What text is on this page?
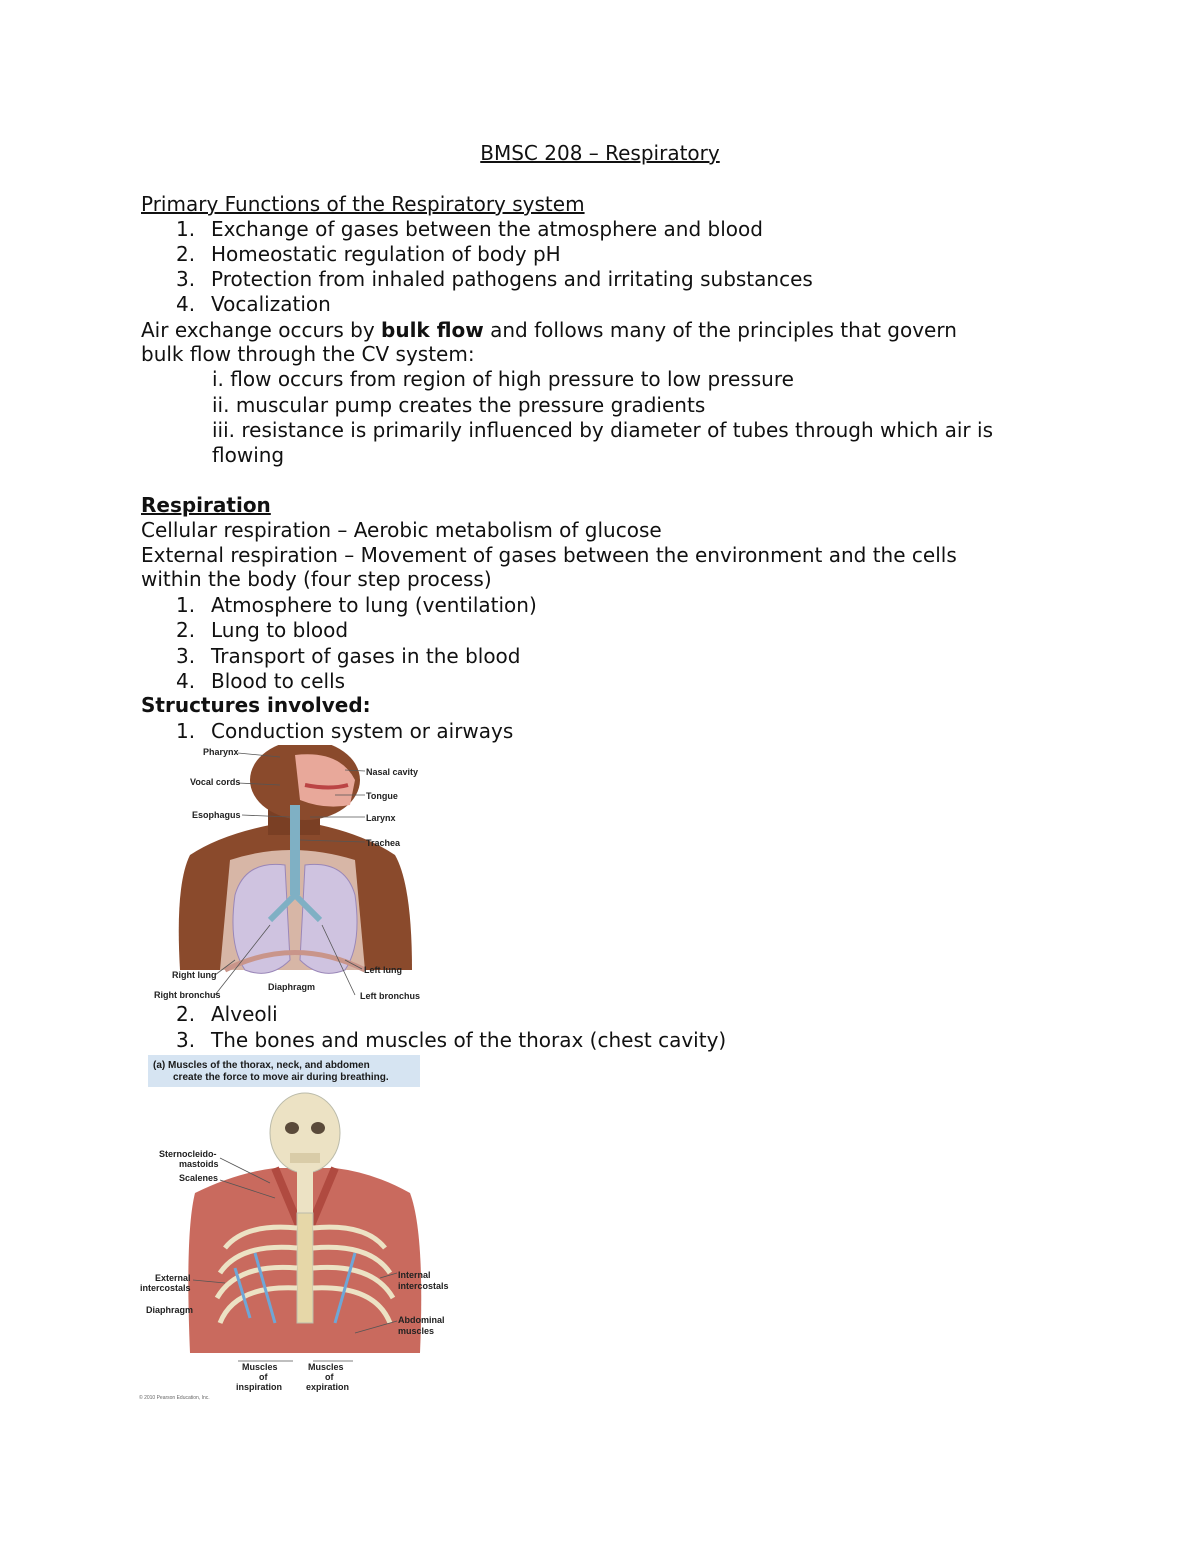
BMSC 208 – Respiratory
Primary Functions of the Respiratory system
1. Exchange of gases between the atmosphere and blood
2. Homeostatic regulation of body pH
3. Protection from inhaled pathogens and irritating substances
4. Vocalization
Air exchange occurs by bulk flow and follows many of the principles that govern
bulk flow through the CV system:
i. flow occurs from region of high pressure to low pressure
ii. muscular pump creates the pressure gradients
iii. resistance is primarily influenced by diameter of tubes through which air is
flowing
Respiration
Cellular respiration – Aerobic metabolism of glucose
External respiration – Movement of gases between the environment and the cells
within the body (four step process)
1. Atmosphere to lung (ventilation)
2. Lung to blood
3. Transport of gases in the blood
4. Blood to cells
Structures involved:
1. Conduction system or airways
Pharynx
Vocal cords
Esophagus
Nasal cavity
Tongue
Larynx
Trachea
Right lung
Right bronchus
Diaphragm
Left lung
Left bronchus
2. Alveoli
3. The bones and muscles of the thorax (chest cavity)
(a) Muscles of the thorax, neck, and abdomen
create the force to move air during breathing.
Sternocleido-
mastoids
Scalenes
External
intercostals
Diaphragm
Internal
intercostals
Abdominal
muscles
Muscles
of
inspiration
Muscles
of
expiration
© 2010 Pearson Education, Inc.
